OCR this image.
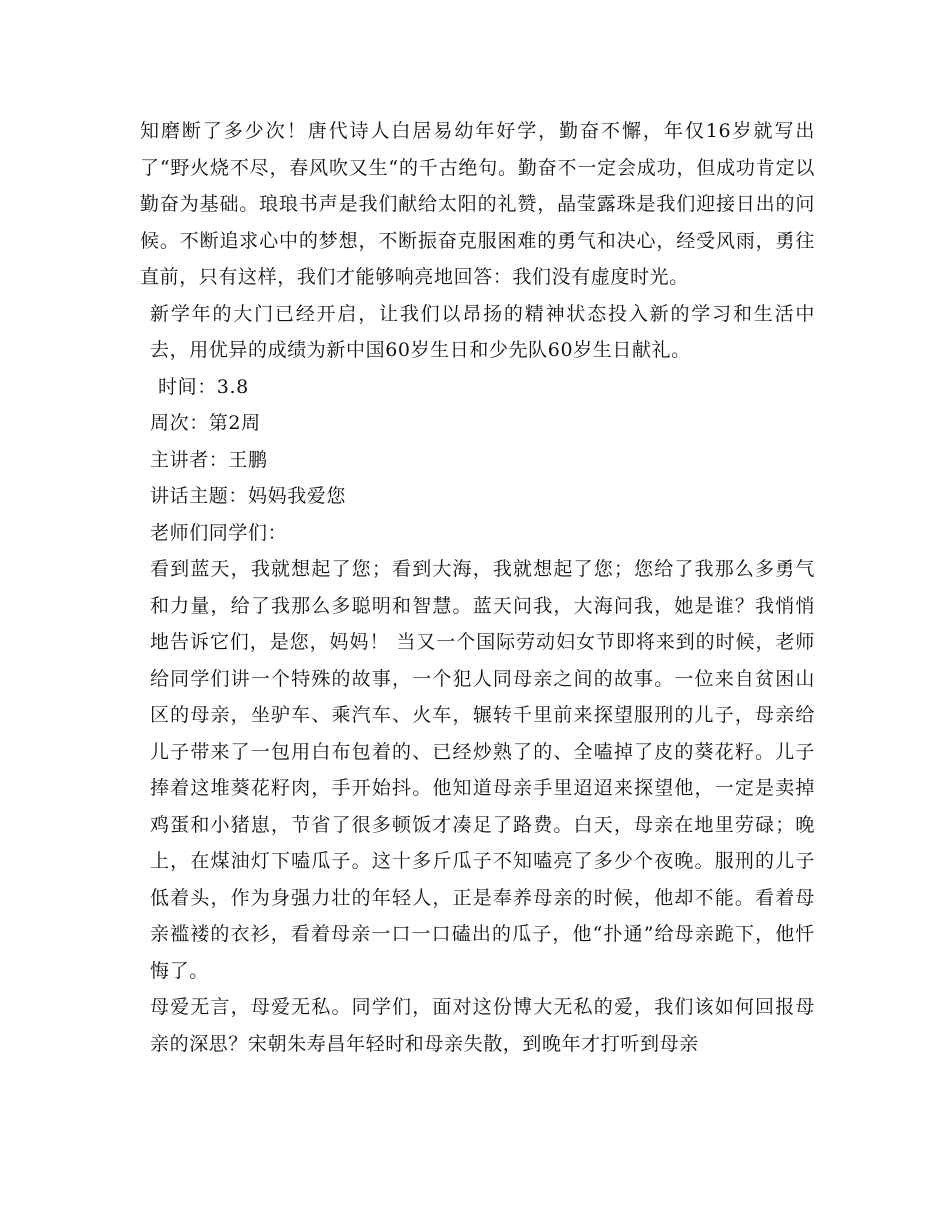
知磨断了多少次！唐代诗人白居易幼年好学，勤奋不懈，年仅16岁就写出了“野火烧不尽，春风吹又生“的千古绝句。勤奋不一定会成功，但成功肯定以勤奋为基础。琅琅书声是我们献给太阳的礼赞，晶莹露珠是我们迎接日出的问候。不断追求心中的梦想，不断振奋克服困难的勇气和决心，经受风雨，勇往直前，只有这样，我们才能够响亮地回答：我们没有虚度时光。

新学年的大门已经开启，让我们以昂扬的精神状态投入新的学习和生活中去，用优异的成绩为新中国60岁生日和少先队60岁生日献礼。

时间：3.8

周次：第2周

主讲者：王鹏

讲话主题：妈妈我爱您

老师们同学们：

看到蓝天，我就想起了您；看到大海，我就想起了您；您给了我那么多勇气和力量，给了我那么多聪明和智慧。蓝天问我，大海问我，她是谁？我悄悄地告诉它们，是您，妈妈！ 当又一个国际劳动妇女节即将来到的时候，老师给同学们讲一个特殊的故事，一个犯人同母亲之间的故事。一位来自贫困山区的母亲，坐驴车、乘汽车、火车，辗转千里前来探望服刑的儿子，母亲给儿子带来了一包用白布包着的、已经炒熟了的、全嗑掉了皮的葵花籽。儿子捧着这堆葵花籽肉，手开始抖。他知道母亲手里迢迢来探望他，一定是卖掉鸡蛋和小猪崽，节省了很多顿饭才凑足了路费。白天，母亲在地里劳碌；晚上，在煤油灯下嗑瓜子。这十多斤瓜子不知嗑亮了多少个夜晚。服刑的儿子低着头，作为身强力壮的年轻人，正是奉养母亲的时候，他却不能。看着母亲褴褛的衣衫，看着母亲一口一口磕出的瓜子，他“扑通”给母亲跪下，他忏悔了。

母爱无言，母爱无私。同学们，面对这份博大无私的爱，我们该如何回报母亲的深思？宋朝朱寿昌年轻时和母亲失散，到晚年才打听到母亲
